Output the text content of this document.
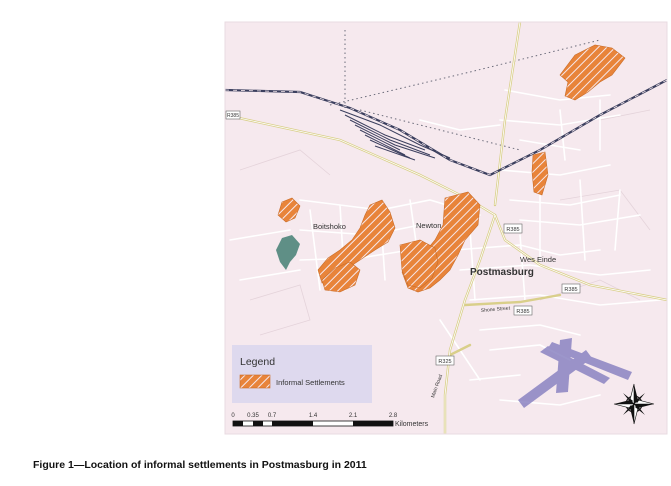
Boitshoko	Newton
Postmasburg
Wes Einde
R385
R385
R385
R325
R385
Main Road
Shone Street
Legend
Informal Settlements
0 0.35 0.7	1.4	2.1	2.8
Kilometers
Figure 1—Location of informal settlements in Postmasburg in 2011
